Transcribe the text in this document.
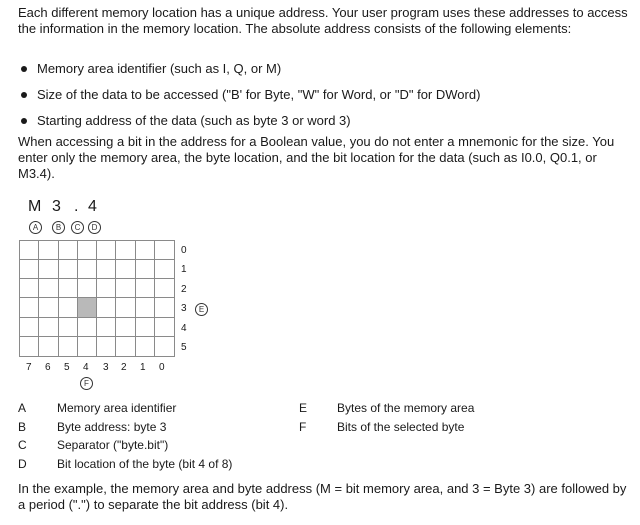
Each different memory location has a unique address. Your user program uses these addresses to access the information in the memory location. The absolute address consists of the following elements:
Memory area identifier (such as I, Q, or M)
Size of the data to be accessed ("B' for Byte, "W" for Word, or "D" for DWord)
Starting address of the data (such as byte 3 or word 3)
When accessing a bit in the address for a Boolean value, you do not enter a mnemonic for the size. You enter only the memory area, the byte location, and the bit location for the data (such as I0.0, Q0.1, or M3.4).
M 3 . 4
A	B	C	D
0
1
2
3
4
5
E
7 6 5 4 3 2 1 0
F
A	Memory area identifier
B	Byte address: byte 3
C	Separator ("byte.bit")
D	Bit location of the byte (bit 4 of 8)
E Bytes of the memory area
F	Bits of the selected byte
In the example, the memory area and byte address (M = bit memory area, and 3 = Byte 3) are followed by a period (".") to separate the bit address (bit 4).
